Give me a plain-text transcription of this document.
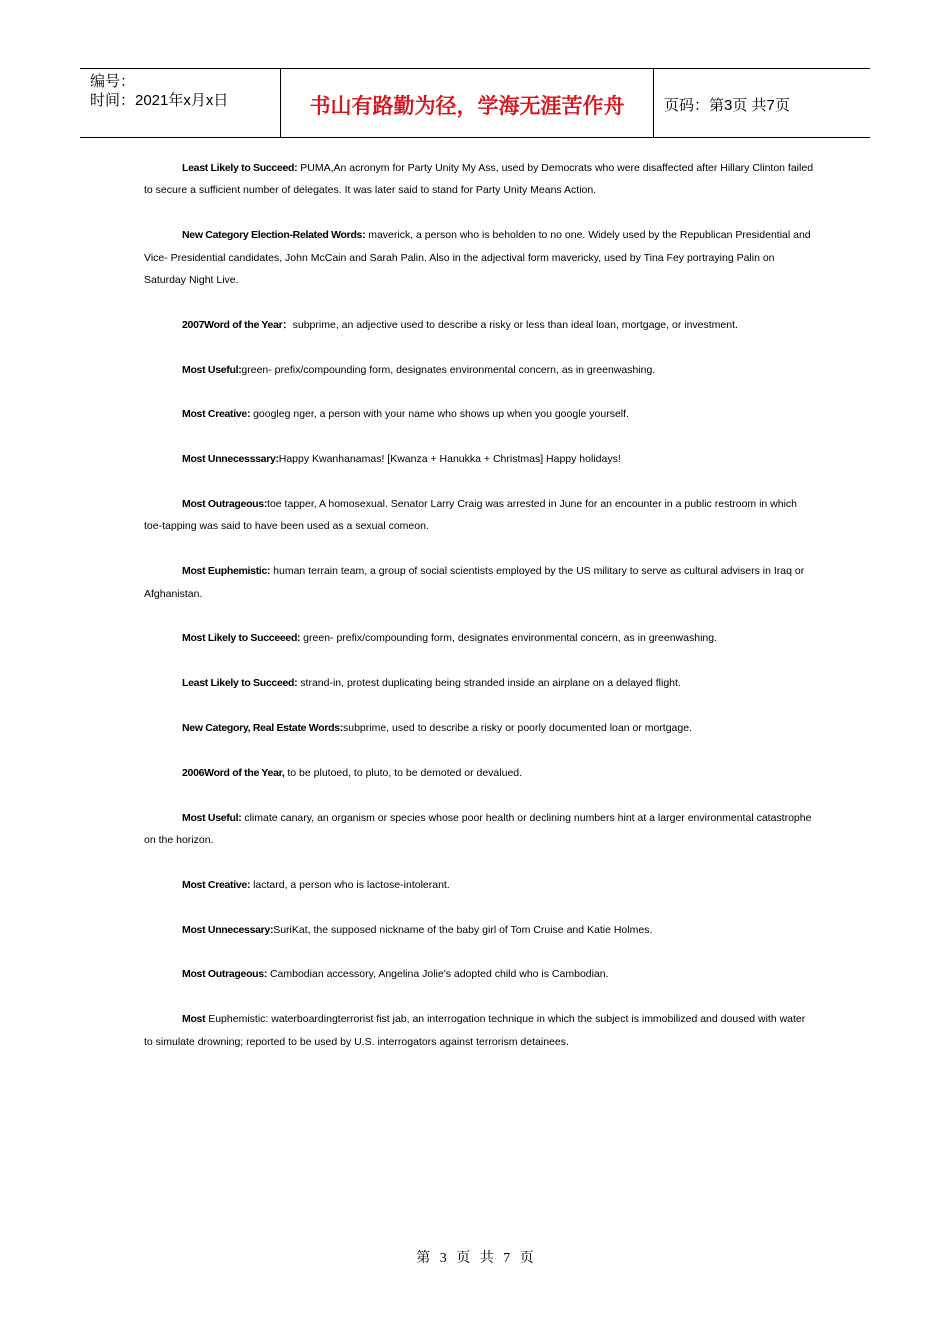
编号：
时间：2021年x月x日	书山有路勤为径，学海无涯苦作舟	页码：第3页 共7页

Least Likely to Succeed: PUMA,An acronym for Party Unity My Ass, used by Democrats who were disaffected after Hillary Clinton failed to secure a sufficient number of delegates. It was later said to stand for Party Unity Means Action.

New Category Election-Related Words: maverick, a person who is beholden to no one. Widely used by the Republican Presidential and Vice- Presidential candidates, John McCain and Sarah Palin. Also in the adjectival form mavericky, used by Tina Fey portraying Palin on Saturday Night Live.

2007Word of the Year：subprime, an adjective used to describe a risky or less than ideal loan, mortgage, or investment.

Most Useful:green- prefix/compounding form, designates environmental concern, as in greenwashing.

Most Creative: googleg nger, a person with your name who shows up when you google yourself.

Most Unnecesssary:Happy Kwanhanamas! [Kwanza + Hanukka + Christmas] Happy holidays!

Most Outrageous:toe tapper, A homosexual. Senator Larry Craig was arrested in June for an encounter in a public restroom in which toe-tapping was said to have been used as a sexual comeon.

Most Euphemistic: human terrain team, a group of social scientists employed by the US military to serve as cultural advisers in Iraq or Afghanistan.

Most Likely to Succeeed: green- prefix/compounding form, designates environmental concern, as in greenwashing.

Least Likely to Succeed: strand-in, protest duplicating being stranded inside an airplane on a delayed flight.

New Category, Real Estate Words:subprime, used to describe a risky or poorly documented loan or mortgage.

2006Word of the Year, to be plutoed, to pluto, to be demoted or devalued.

Most Useful: climate canary, an organism or species whose poor health or declining numbers hint at a larger environmental catastrophe on the horizon.

Most Creative: lactard, a person who is lactose-intolerant.

Most Unnecessary:SuriKat, the supposed nickname of the baby girl of Tom Cruise and Katie Holmes.

Most Outrageous: Cambodian accessory, Angelina Jolie's adopted child who is Cambodian.

Most Euphemistic: waterboardingterrorist fist jab, an interrogation technique in which the subject is immobilized and doused with water to simulate drowning; reported to be used by U.S. interrogators against terrorism detainees.

第 3 页 共 7 页
